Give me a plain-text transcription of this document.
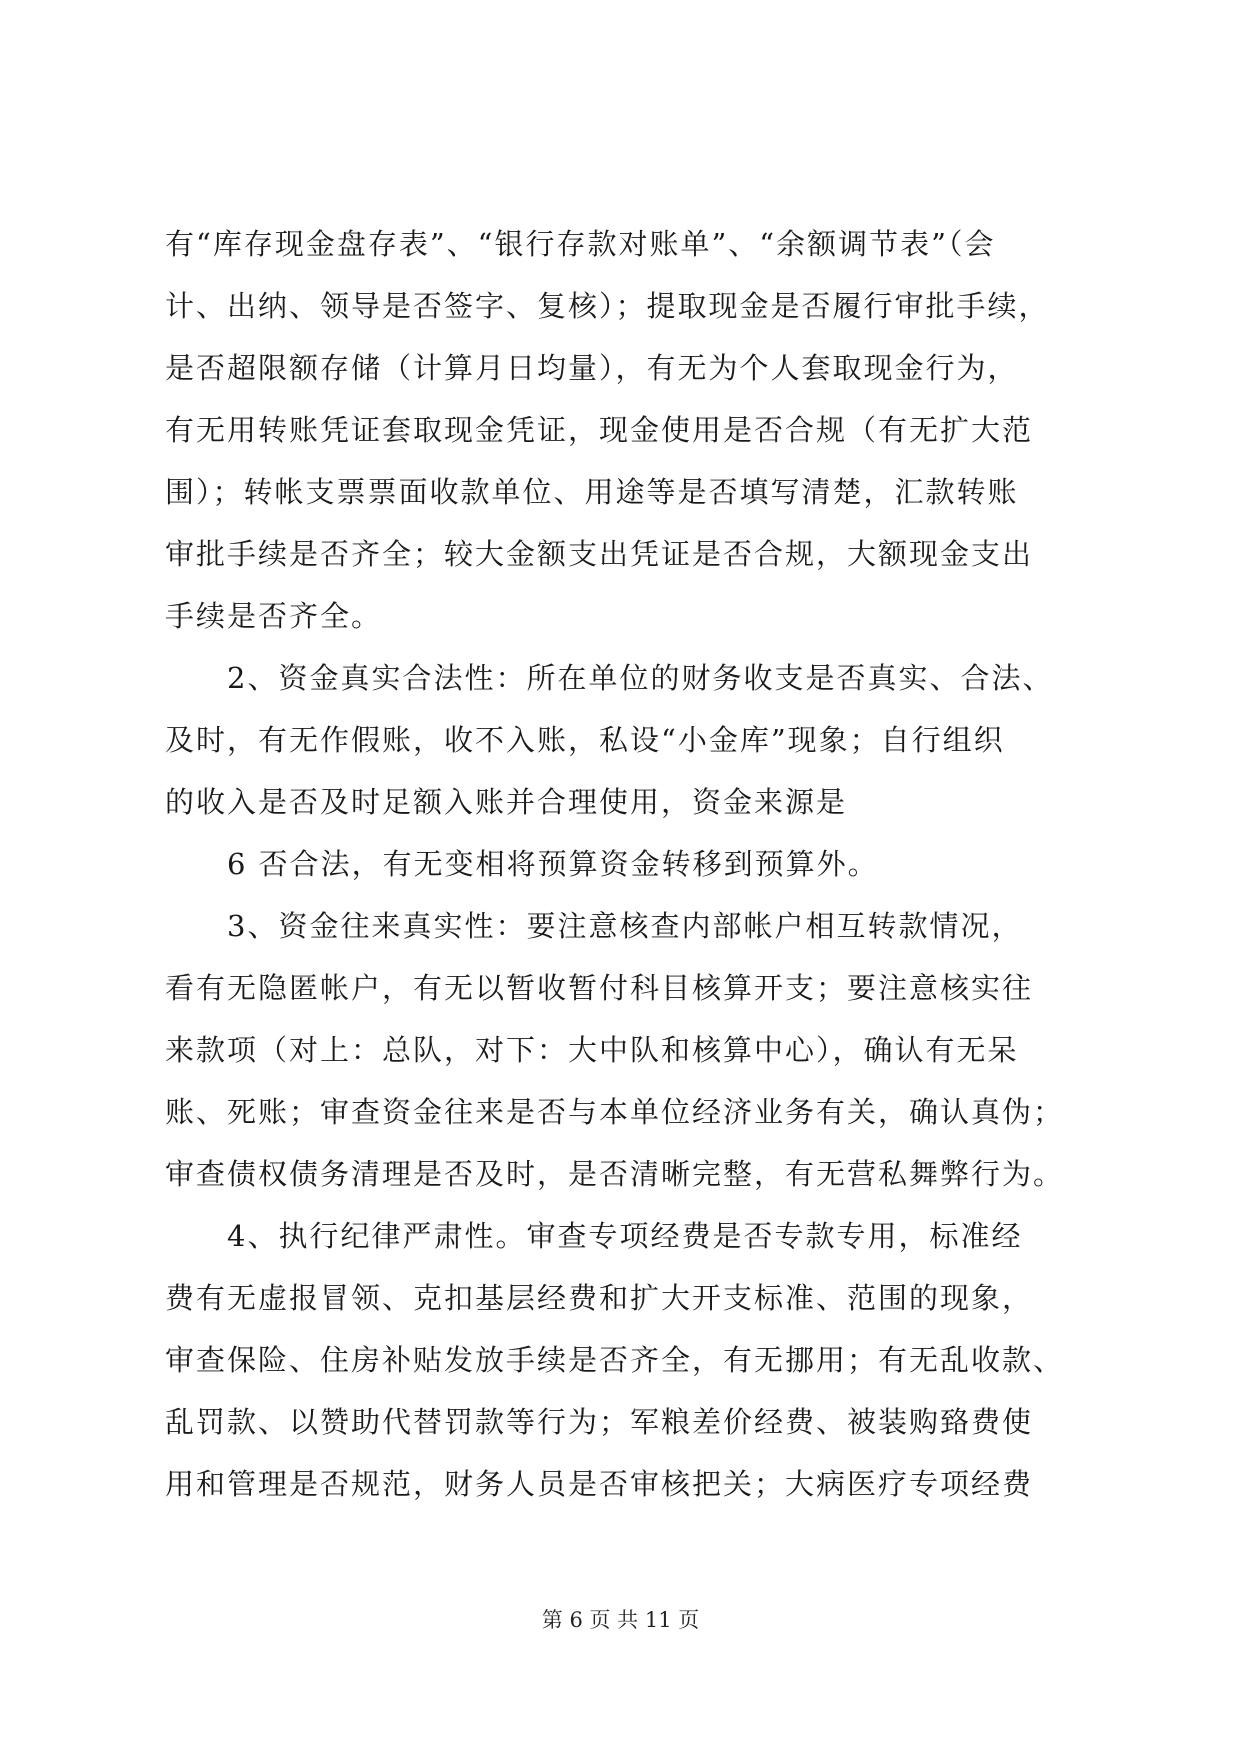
有“库存现金盘存表”、“银行存款对账单”、“余额调节表”（会
计、出纳、领导是否签字、复核）；提取现金是否履行审批手续，
是否超限额存储（计算月日均量），有无为个人套取现金行为，
有无用转账凭证套取现金凭证，现金使用是否合规（有无扩大范
围）；转帐支票票面收款单位、用途等是否填写清楚，汇款转账
审批手续是否齐全；较大金额支出凭证是否合规，大额现金支出
手续是否齐全。
2、资金真实合法性：所在单位的财务收支是否真实、合法、
及时，有无作假账，收不入账，私设“小金库”现象；自行组织
的收入是否及时足额入账并合理使用，资金来源是
6 否合法，有无变相将预算资金转移到预算外。
3、资金往来真实性：要注意核查内部帐户相互转款情况，
看有无隐匿帐户，有无以暂收暂付科目核算开支；要注意核实往
来款项（对上：总队，对下：大中队和核算中心），确认有无呆
账、死账；审查资金往来是否与本单位经济业务有关，确认真伪；
审查债权债务清理是否及时，是否清晰完整，有无营私舞弊行为。
4、执行纪律严肃性。审查专项经费是否专款专用，标准经
费有无虚报冒领、克扣基层经费和扩大开支标准、范围的现象，
审查保险、住房补贴发放手续是否齐全，有无挪用；有无乱收款、
乱罚款、以赞助代替罚款等行为；军粮差价经费、被装购臵费使
用和管理是否规范，财务人员是否审核把关；大病医疗专项经费
第 6 页 共 11 页
